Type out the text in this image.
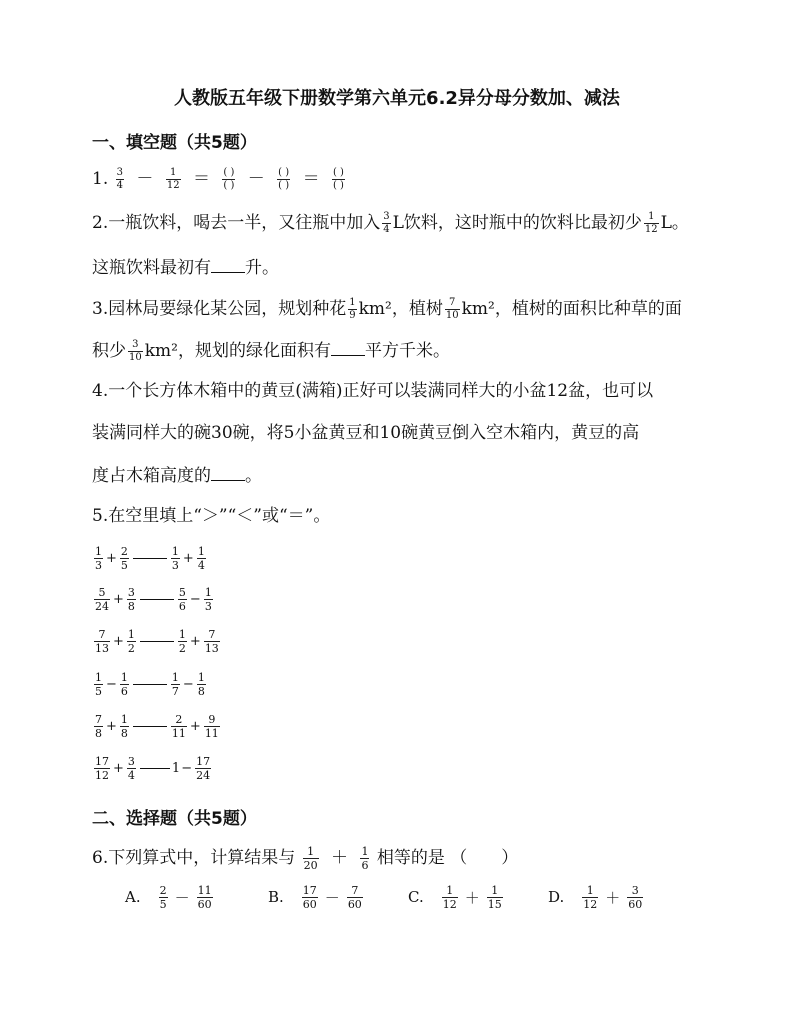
人教版五年级下册数学第六单元6.2异分母分数加、减法
一、填空题（共5题）
1. $\frac{3}{4} - \frac{1}{12} = \frac{( )}{( )} - \frac{( )}{( )} = \frac{( )}{( )}$
2.一瓶饮料，喝去一半，又往瓶中加入 $\frac{3}{4}$ L饮料，这时瓶中的饮料比最初少 $\frac{1}{12}$ L。
这瓶饮料最初有 升。
3.园林局要绿化某公园，规划种花 $\frac{1}{9} km^2$，植树 $\frac{7}{10} km^2$，植树的面积比种草的面
积少 $\frac{3}{10} km^2$，规划的绿化面积有 平方千米。
4.一个长方体木箱中的黄豆(满箱)正好可以装满同样大的小盆12盆，也可以
装满同样大的碗30碗，将5小盆黄豆和10碗黄豆倒入空木箱内，黄豆的高
度占木箱高度的 。
5.在空里填上“＞”“＜”或“＝”。
$\frac{1}{3} + \frac{2}{5}$	$\frac{1}{3} + \frac{1}{4}$
$\frac{5}{24} + \frac{3}{8}$	$\frac{5}{6} - \frac{1}{3}$
$\frac{7}{13} + \frac{1}{2}$	$\frac{1}{2} + \frac{7}{13}$
$\frac{1}{5} - \frac{1}{6}$	$\frac{1}{7} - \frac{1}{8}$
$\frac{7}{8} + \frac{1}{8}$	$\frac{2}{11} + \frac{9}{11}$
$\frac{17}{12} + \frac{3}{4}$	$1- \frac{17}{24}$
二、选择题（共5题）
6.下列算式中，计算结果与 $\frac{1}{20} + \frac{1}{6}$ 相等的是 （　　）
A. $\frac{2}{5} - \frac{11}{60}$	B. $\frac{17}{60} - \frac{7}{60}$	C. $\frac{1}{12} + \frac{1}{15}$	D. $\frac{1}{12} + \frac{3}{60}$
